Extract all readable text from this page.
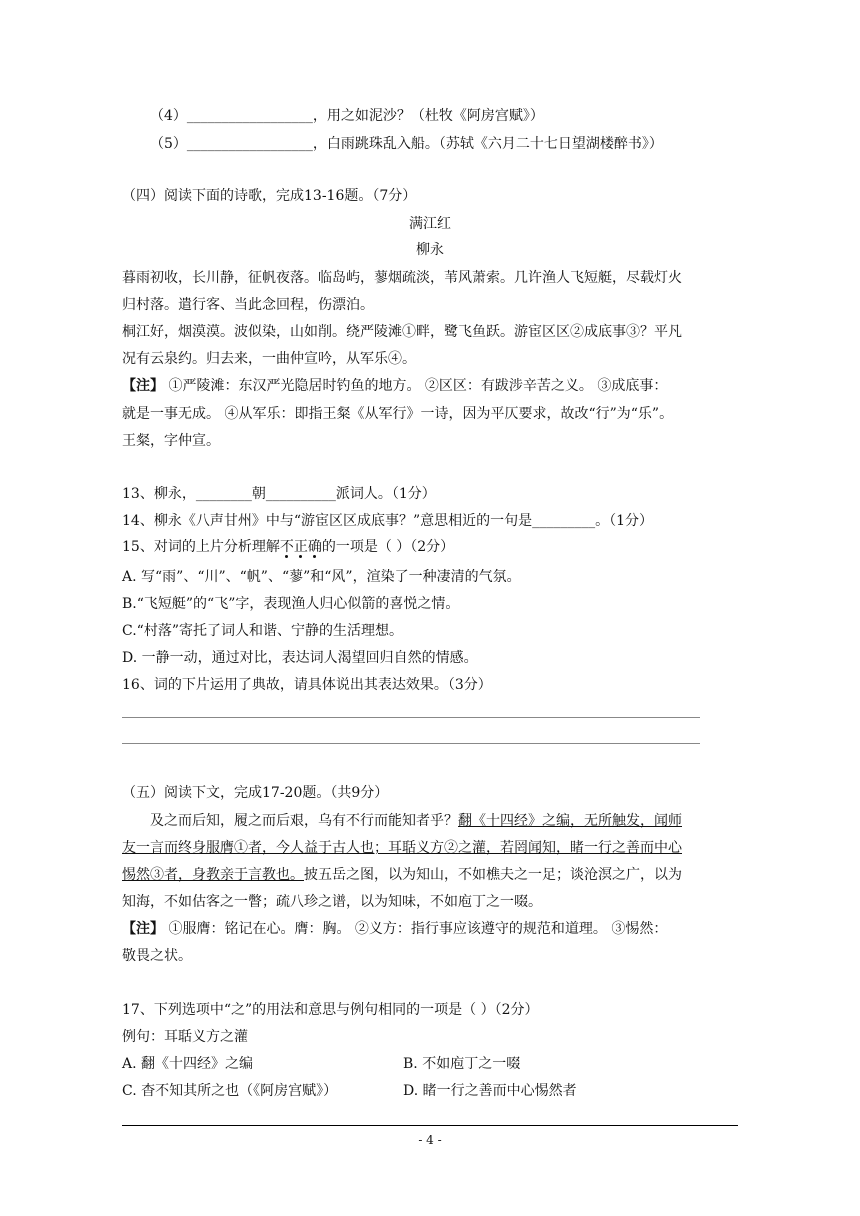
（4）__________________，用之如泥沙？（杜牧《阿房宫赋》）
（5）__________________，白雨跳珠乱入船。（苏轼《六月二十七日望湖楼醉书》）
（四）阅读下面的诗歌，完成13-16题。（7分）
满江红
柳永
暮雨初收，长川静，征帆夜落。临岛屿，蓼烟疏淡，苇风萧索。几许渔人飞短艇，尽载灯火
归村落。遣行客、当此念回程，伤漂泊。
桐江好，烟漠漠。波似染，山如削。绕严陵滩①畔，鹭飞鱼跃。游宦区区②成底事③？平凡
况有云泉约。归去来，一曲仲宣吟，从军乐④。
【注】 ①严陵滩：东汉严光隐居时钓鱼的地方。 ②区区：有跋涉辛苦之义。 ③成底事：
就是一事无成。 ④从军乐：即指王粲《从军行》一诗，因为平仄要求，故改“行”为“乐”。
王粲，字仲宣。
13、柳永，________朝__________派词人。（1分）
14、柳永《八声甘州》中与“游宦区区成底事？”意思相近的一句是_________。（1分）
15、对词的上片分析理解不正确的一项是（ ）（2分）
A. 写“雨”、“川”、“帆”、“蓼”和“风”，渲染了一种凄清的气氛。
B.“飞短艇”的“飞”字，表现渔人归心似箭的喜悦之情。
C.“村落”寄托了词人和谐、宁静的生活理想。
D. 一静一动，通过对比，表达词人渴望回归自然的情感。
16、词的下片运用了典故，请具体说出其表达效果。（3分）
（五）阅读下文，完成17-20题。（共9分）
及之而后知，履之而后艰，乌有不行而能知者乎？翻《十四经》之编，无所触发，闻师
友一言而终身服膺①者，今人益于古人也；耳聒义方②之灌，若罔闻知，睹一行之善而中心
惕然③者，身教亲于言教也。披五岳之图，以为知山，不如樵夫之一足；谈沧溟之广，以为
知海，不如估客之一瞥；疏八珍之谱，以为知味，不如庖丁之一啜。
【注】 ①服膺：铭记在心。膺：胸。 ②义方：指行事应该遵守的规范和道理。 ③惕然：
敬畏之状。
17、下列选项中“之”的用法和意思与例句相同的一项是（ ）（2分）
例句：耳聒义方之灌
A. 翻《十四经》之编	B. 不如庖丁之一啜
C. 杳不知其所之也（《阿房宫赋》）	D. 睹一行之善而中心惕然者
- 4 -
